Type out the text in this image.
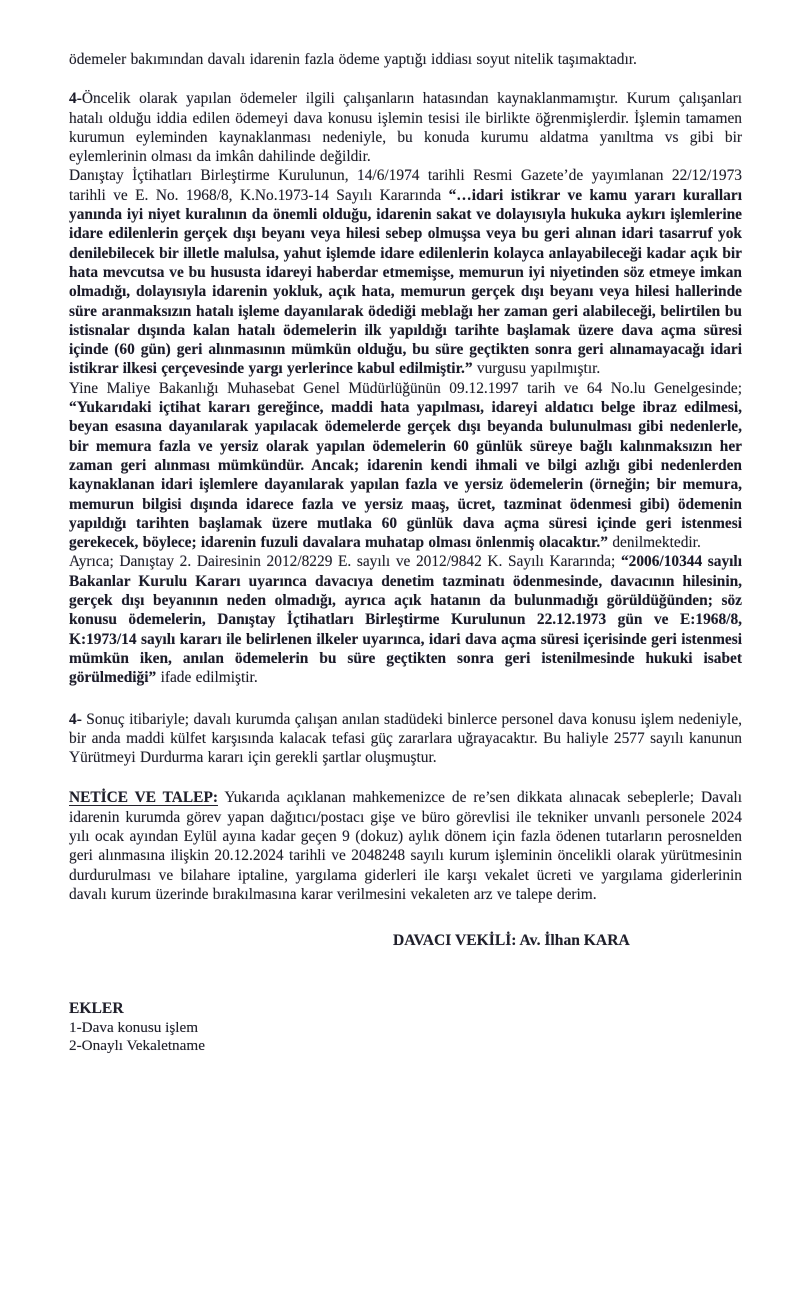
ödemeler bakımından davalı idarenin fazla ödeme yaptığı iddiası soyut nitelik taşımaktadır.

4-Öncelik olarak yapılan ödemeler ilgili çalışanların hatasından kaynaklanmamıştır. Kurum çalışanları hatalı olduğu iddia edilen ödemeyi dava konusu işlemin tesisi ile birlikte öğrenmişlerdir. İşlemin tamamen kurumun eyleminden kaynaklanması nedeniyle, bu konuda kurumu aldatma yanıltma vs gibi bir eylemlerinin olması da imkân dahilinde değildir.

Danıştay İçtihatları Birleştirme Kurulunun, 14/6/1974 tarihli Resmi Gazete’de yayımlanan 22/12/1973 tarihli ve E. No. 1968/8, K.No.1973-14 Sayılı Kararında “…idari istikrar ve kamu yararı kuralları yanında iyi niyet kuralının da önemli olduğu, idarenin sakat ve dolayısıyla hukuka aykırı işlemlerine idare edilenlerin gerçek dışı beyanı veya hilesi sebep olmuşsa veya bu geri alınan idari tasarruf yok denilebilecek bir illetle malulsa, yahut işlemde idare edilenlerin kolayca anlayabileceği kadar açık bir hata mevcutsa ve bu hususta idareyi haberdar etmemişse, memurun iyi niyetinden söz etmeye imkan olmadığı, dolayısıyla idarenin yokluk, açık hata, memurun gerçek dışı beyanı veya hilesi hallerinde süre aranmaksızın hatalı işleme dayanılarak ödediği meblağı her zaman geri alabileceği, belirtilen bu istisnalar dışında kalan hatalı ödemelerin ilk yapıldığı tarihte başlamak üzere dava açma süresi içinde (60 gün) geri alınmasının mümkün olduğu, bu süre geçtikten sonra geri alınamayacağı idari istikrar ilkesi çerçevesinde yargı yerlerince kabul edilmiştir.” vurgusu yapılmıştır.

Yine Maliye Bakanlığı Muhasebat Genel Müdürlüğünün 09.12.1997 tarih ve 64 No.lu Genelgesinde; “Yukarıdaki içtihat kararı gereğince, maddi hata yapılması, idareyi aldatıcı belge ibraz edilmesi, beyan esasına dayanılarak yapılacak ödemelerde gerçek dışı beyanda bulunulması gibi nedenlerle, bir memura fazla ve yersiz olarak yapılan ödemelerin 60 günlük süreye bağlı kalınmaksızın her zaman geri alınması mümkündür. Ancak; idarenin kendi ihmali ve bilgi azlığı gibi nedenlerden kaynaklanan idari işlemlere dayanılarak yapılan fazla ve yersiz ödemelerin (örneğin; bir memura, memurun bilgisi dışında idarece fazla ve yersiz maaş, ücret, tazminat ödenmesi gibi) ödemenin yapıldığı tarihten başlamak üzere mutlaka 60 günlük dava açma süresi içinde geri istenmesi gerekecek, böylece; idarenin fuzuli davalara muhatap olması önlenmiş olacaktır.” denilmektedir.

Ayrıca; Danıştay 2. Dairesinin 2012/8229 E. sayılı ve 2012/9842 K. Sayılı Kararında; “2006/10344 sayılı Bakanlar Kurulu Kararı uyarınca davacıya denetim tazminatı ödenmesinde, davacının hilesinin, gerçek dışı beyanının neden olmadığı, ayrıca açık hatanın da bulunmadığı görüldüğünden; söz konusu ödemelerin, Danıştay İçtihatları Birleştirme Kurulunun 22.12.1973 gün ve E:1968/8, K:1973/14 sayılı kararı ile belirlenen ilkeler uyarınca, idari dava açma süresi içerisinde geri istenmesi mümkün iken, anılan ödemelerin bu süre geçtikten sonra geri istenilmesinde hukuki isabet görülmediği” ifade edilmiştir.

4- Sonuç itibariyle; davalı kurumda çalışan anılan stadüdeki binlerce personel dava konusu işlem nedeniyle, bir anda maddi külfet karşısında kalacak tefasi güç zararlara uğrayacaktır. Bu haliyle 2577 sayılı kanunun Yürütmeyi Durdurma kararı için gerekli şartlar oluşmuştur.

NETİCE VE TALEP: Yukarıda açıklanan mahkemenizce de re’sen dikkata alınacak sebeplerle; Davalı idarenin kurumda görev yapan dağıtıcı/postacı gişe ve büro görevlisi ile tekniker unvanlı personele 2024 yılı ocak ayından Eylül ayına kadar geçen 9 (dokuz) aylık dönem için fazla ödenen tutarların perosnelden geri alınmasına ilişkin 20.12.2024 tarihli ve 2048248 sayılı kurum işleminin öncelikli olarak yürütmesinin durdurulması ve bilahare iptaline, yargılama giderleri ile karşı vekalet ücreti ve yargılama giderlerinin davalı kurum üzerinde bırakılmasına karar verilmesini vekaleten arz ve talepe derim.

DAVACI VEKİLİ: Av. İlhan KARA

EKLER

1-Dava konusu işlem

2-Onaylı Vekaletname
